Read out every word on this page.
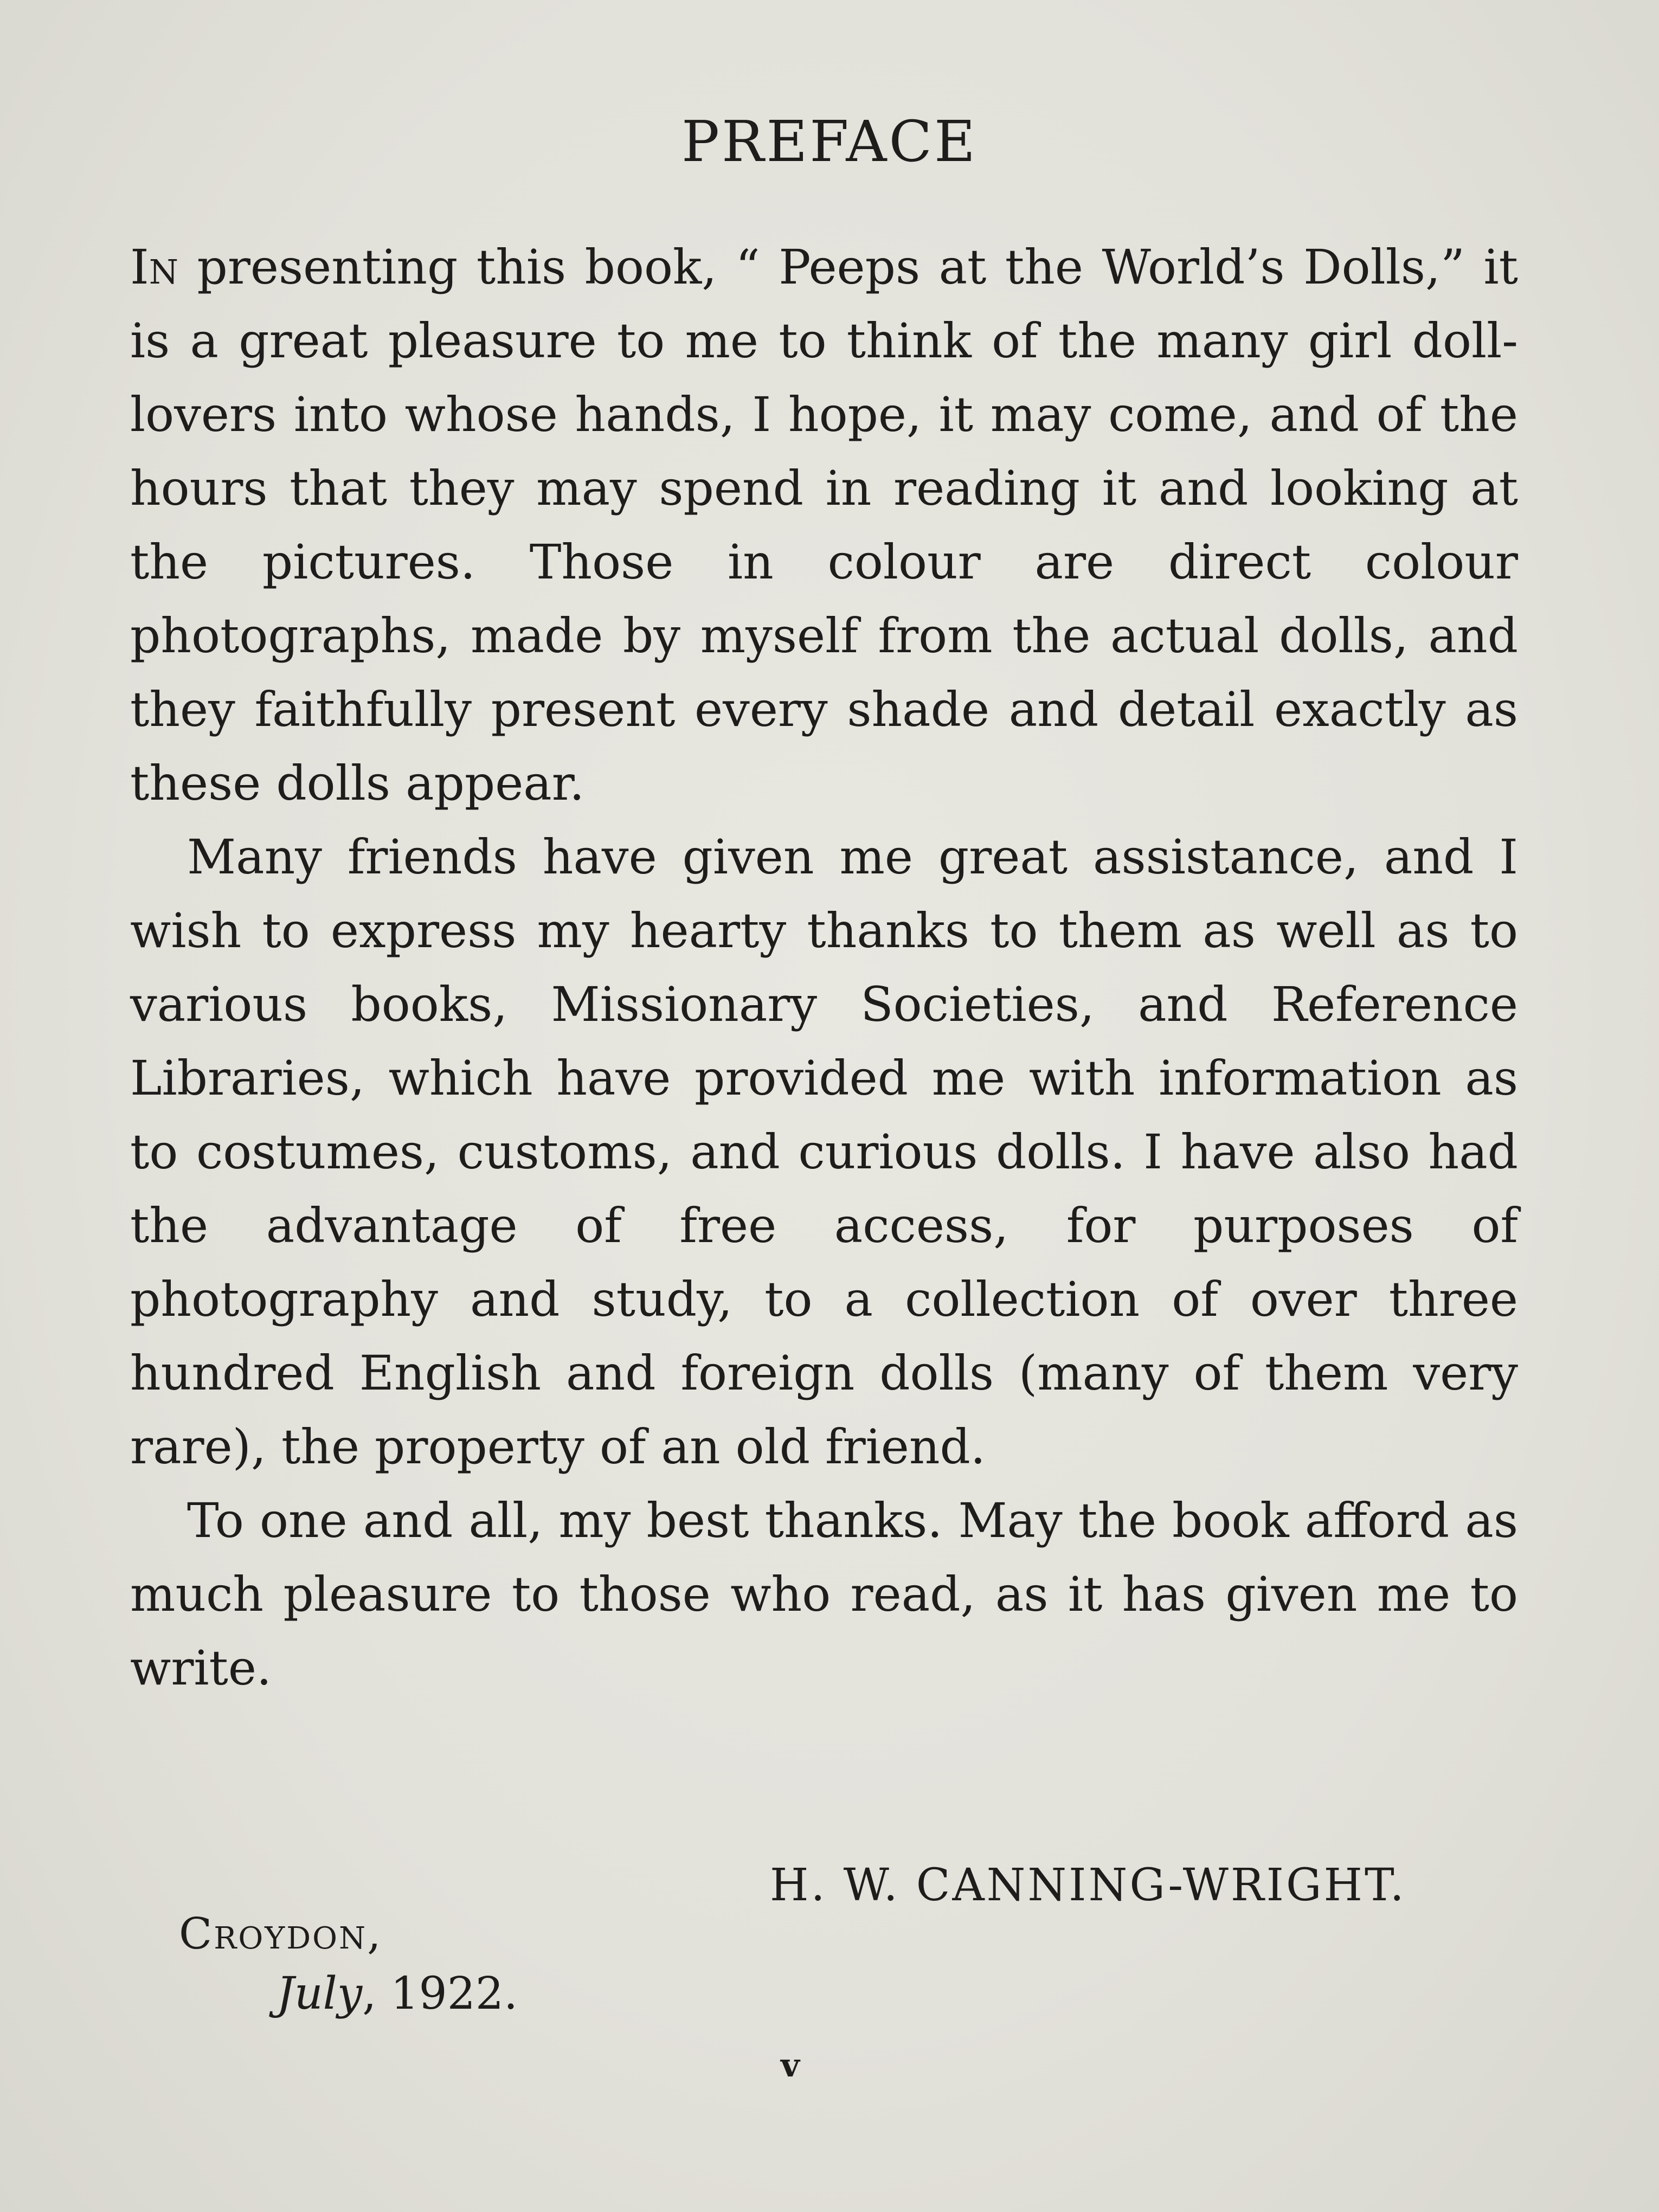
PREFACE

In presenting this book, “ Peeps at the World’s Dolls,” it is a great pleasure to me to think of the many girl doll-lovers into whose hands, I hope, it may come, and of the hours that they may spend in reading it and looking at the pictures. Those in colour are direct colour photographs, made by myself from the actual dolls, and they faithfully present every shade and detail exactly as these dolls appear.

Many friends have given me great assistance, and I wish to express my hearty thanks to them as well as to various books, Missionary Societies, and Reference Libraries, which have provided me with information as to costumes, customs, and curious dolls. I have also had the advantage of free access, for purposes of photography and study, to a collection of over three hundred English and foreign dolls (many of them very rare), the property of an old friend.

To one and all, my best thanks. May the book afford as much pleasure to those who read, as it has given me to write.

H. W. CANNING-WRIGHT.

Croydon,

July, 1922.

v
